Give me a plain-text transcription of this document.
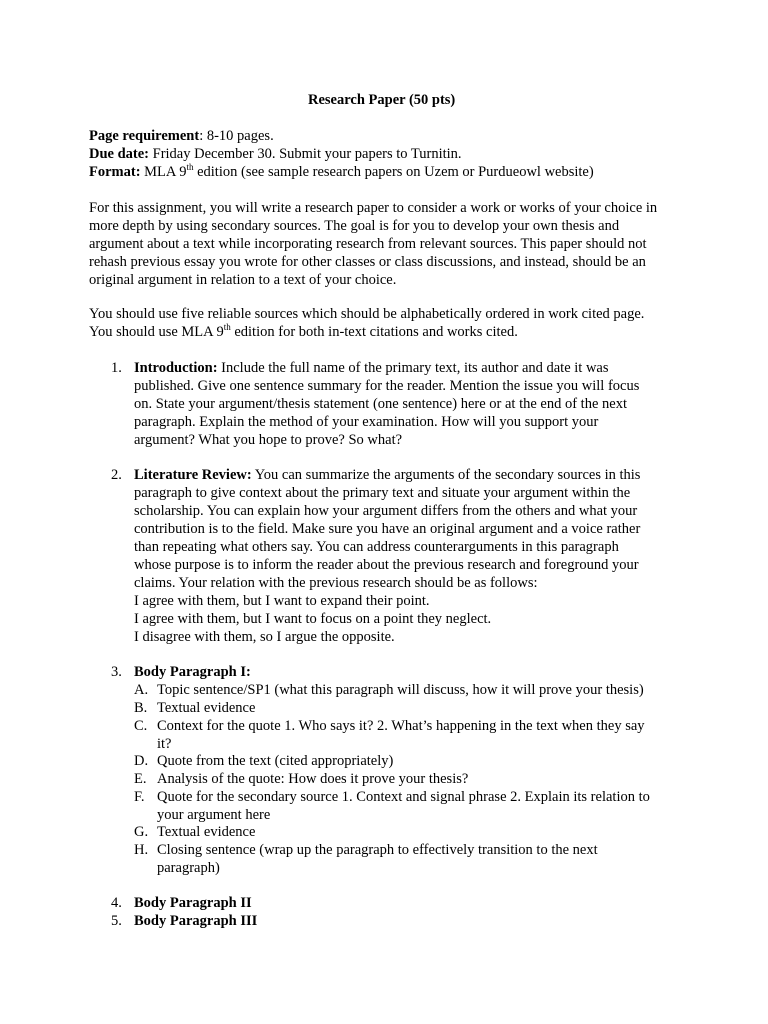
Research Paper (50 pts)
Page requirement: 8-10 pages.
Due date: Friday December 30. Submit your papers to Turnitin.
Format: MLA 9th edition (see sample research papers on Uzem or Purdueowl website)
For this assignment, you will write a research paper to consider a work or works of your choice in
more depth by using secondary sources. The goal is for you to develop your own thesis and
argument about a text while incorporating research from relevant sources. This paper should not
rehash previous essay you wrote for other classes or class discussions, and instead, should be an
original argument in relation to a text of your choice.
You should use five reliable sources which should be alphabetically ordered in work cited page.
You should use MLA 9th edition for both in-text citations and works cited.
1. Introduction: Include the full name of the primary text, its author and date it was
published. Give one sentence summary for the reader. Mention the issue you will focus
on. State your argument/thesis statement (one sentence) here or at the end of the next
paragraph. Explain the method of your examination. How will you support your
argument? What you hope to prove? So what?
2. Literature Review: You can summarize the arguments of the secondary sources in this
paragraph to give context about the primary text and situate your argument within the
scholarship. You can explain how your argument differs from the others and what your
contribution is to the field. Make sure you have an original argument and a voice rather
than repeating what others say. You can address counterarguments in this paragraph
whose purpose is to inform the reader about the previous research and foreground your
claims. Your relation with the previous research should be as follows:
I agree with them, but I want to expand their point.
I agree with them, but I want to focus on a point they neglect.
I disagree with them, so I argue the opposite.
3. Body Paragraph I:
A. Topic sentence/SP1 (what this paragraph will discuss, how it will prove your thesis)
B. Textual evidence
C. Context for the quote 1. Who says it? 2. What’s happening in the text when they say
it?
D. Quote from the text (cited appropriately)
E. Analysis of the quote: How does it prove your thesis?
F. Quote for the secondary source 1. Context and signal phrase 2. Explain its relation to
your argument here
G. Textual evidence
H. Closing sentence (wrap up the paragraph to effectively transition to the next
paragraph)
4. Body Paragraph II
5. Body Paragraph III
